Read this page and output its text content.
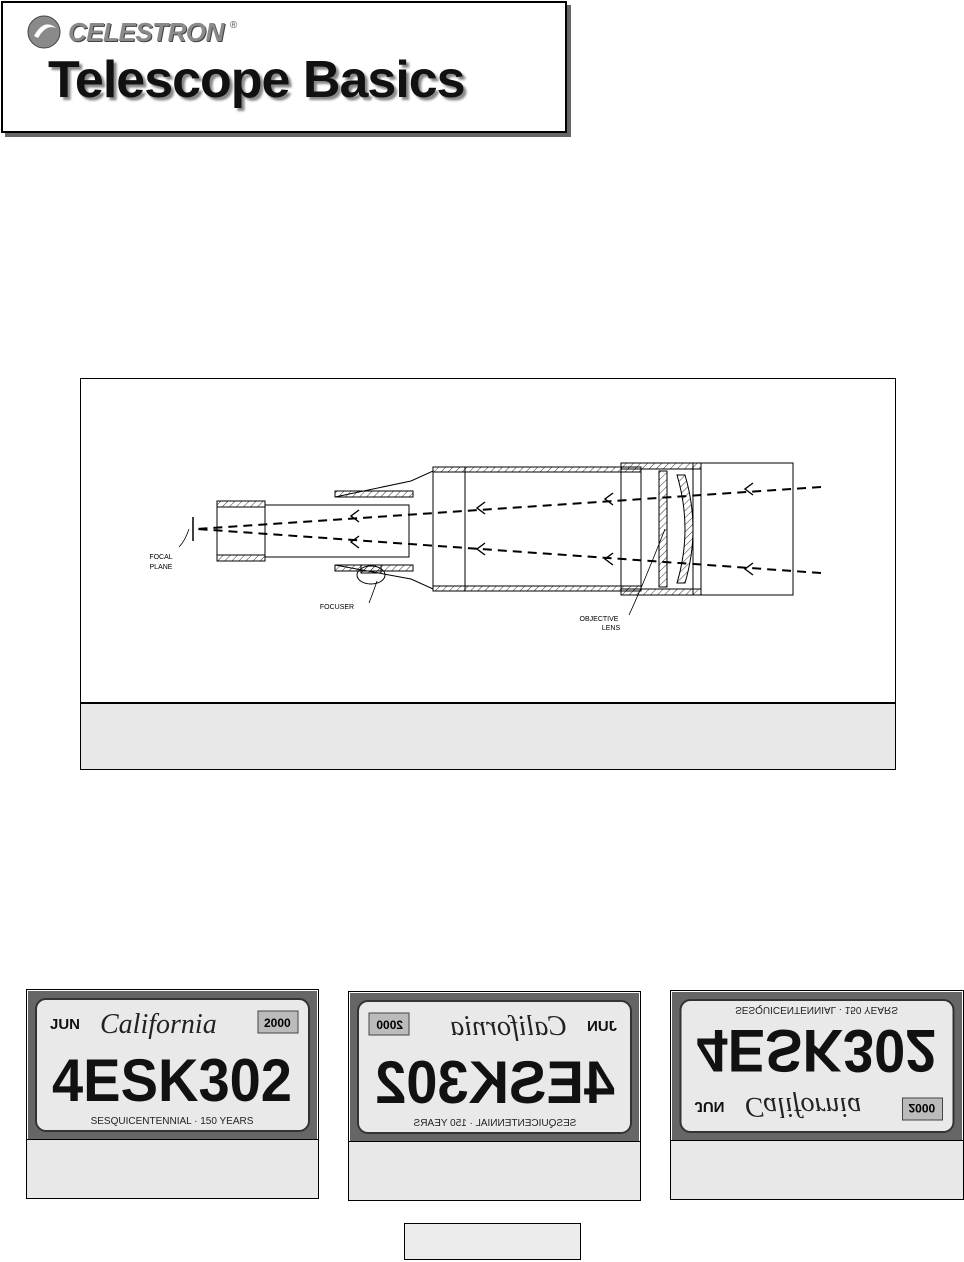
CELESTRON ®
Telescope Basics
FOCAL
PLANE
FOCUSER
OBJECTIVE
LENS
JUN California	2000
4ESK302
SESQUICENTENNIAL · 150 YEARS
JUN
California
2000
4ESK302
SESQUICENTENNIAL · 150 YEARS
JUN California	2000
4ESK302
SESQUICENTENNIAL · 150 YEARS
